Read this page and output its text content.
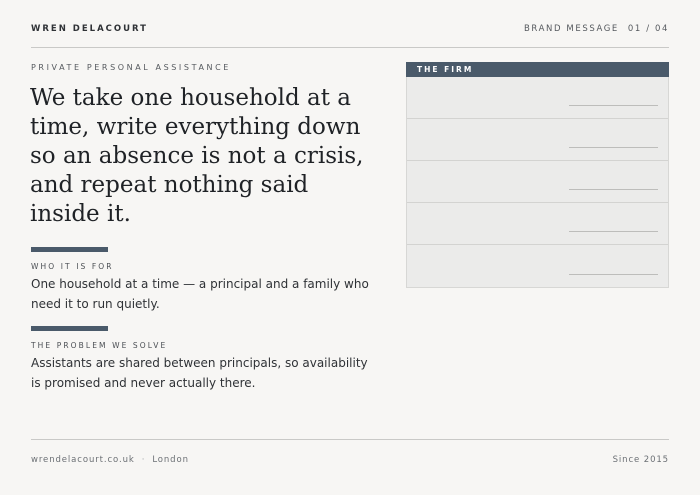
WREN DELACOURT	BRAND MESSAGE 01 / 04
PRIVATE PERSONAL ASSISTANCE
We take one household at a time, write everything down so an absence is not a crisis, and repeat nothing said inside it.
WHO IT IS FOR

One household at a time — a principal and a family who need it to run quietly.

THE PROBLEM WE SOLVE

Assistants are shared between principals, so availability is promised and never actually there.

THE FIRM
wrendelacourt.co.uk · London	Since 2015
